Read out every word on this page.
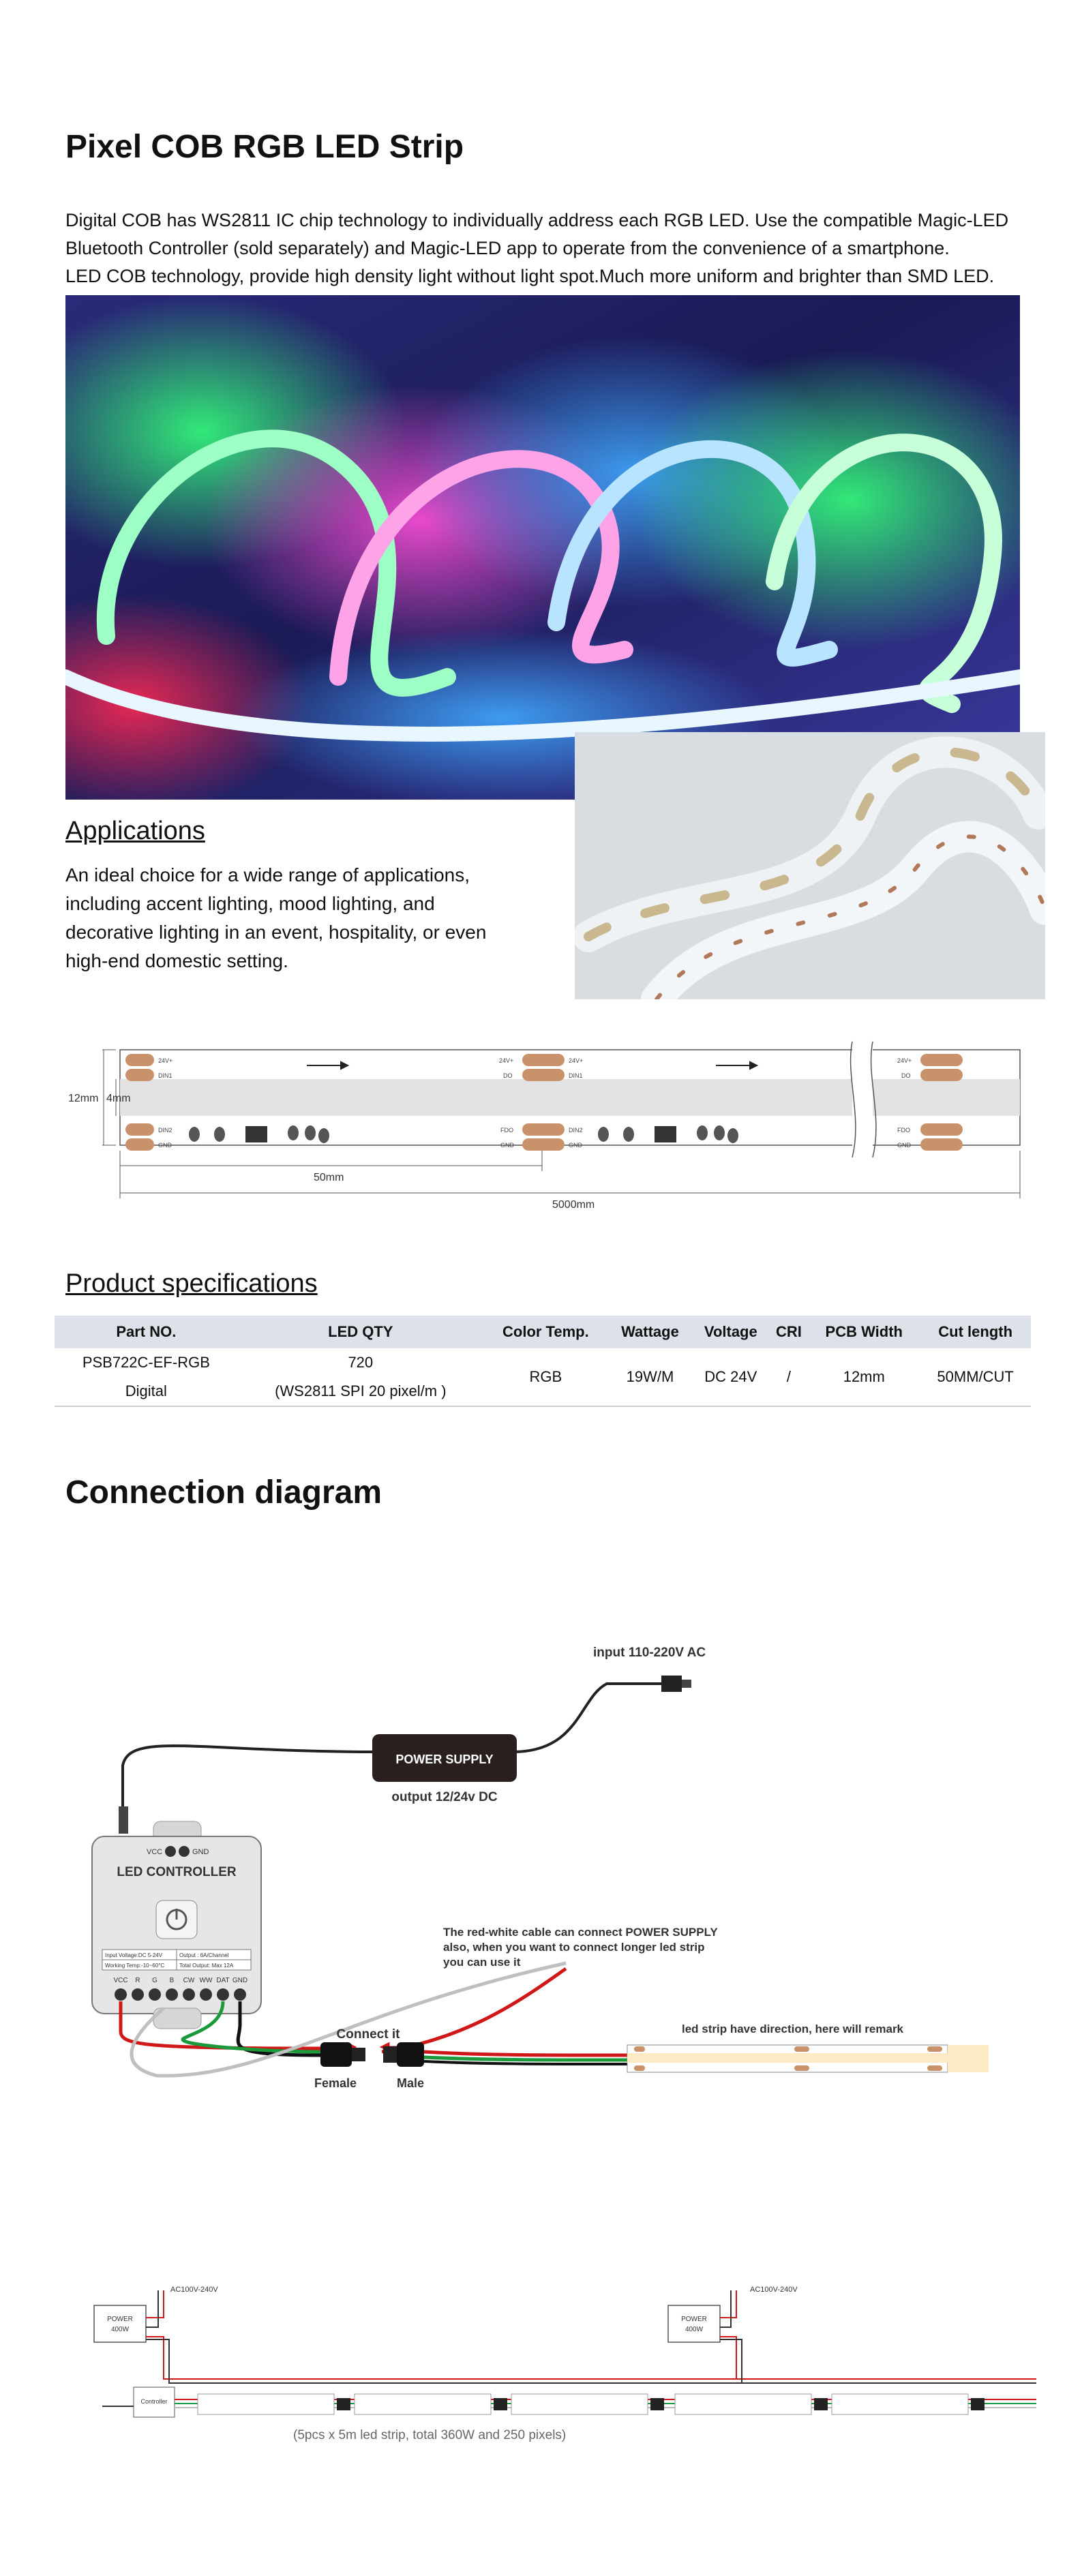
Pixel COB RGB LED Strip
Digital COB has WS2811 IC chip technology to individually address each RGB LED. Use the compatible Magic-LED Bluetooth Controller (sold separately) and Magic-LED app to operate from the convenience of a smartphone.
LED COB technology, provide high density light without light spot.Much more uniform and brighter than SMD LED.
Applications
An ideal choice for a wide range of applications, including accent lighting, mood lighting, and decorative lighting in an event, hospitality, or even high-end domestic setting.
24V+
DIN1
24V+
DO
24V+
DIN1
24V+
DO
DIN2
GND
FDO
GND
DIN2
GND
FDO
GND
12mm 4mm
50mm
5000mm
Product specifications
Part NO.	LED QTY	Color Temp.	Wattage	Voltage	CRI	PCB Width	Cut length
PSB722C-EF-RGB	720	RGB	19W/M	DC 24V	/	12mm	50MM/CUT
Digital	(WS2811 SPI 20 pixel/m )						
Connection diagram
input 110-220V AC
POWER SUPPLY
output 12/24v DC
VCC	GND
LED CONTROLLER
Input Voltage:DC 5-24V	Output : 6A/Channel
Working Temp:-10~60°C	Total Output: Max 12A
VCC R G B CW WW DAT GND
The red-white cable can connect POWER SUPPLY
also, when you want to connect longer led strip
you can use it
Connect it
Female	Male
led strip have direction, here will remark
AC100V-240V	AC100V-240V
POWER
400W
POWER
400W
Controller
(5pcs x 5m led strip, total 360W and 250 pixels)
